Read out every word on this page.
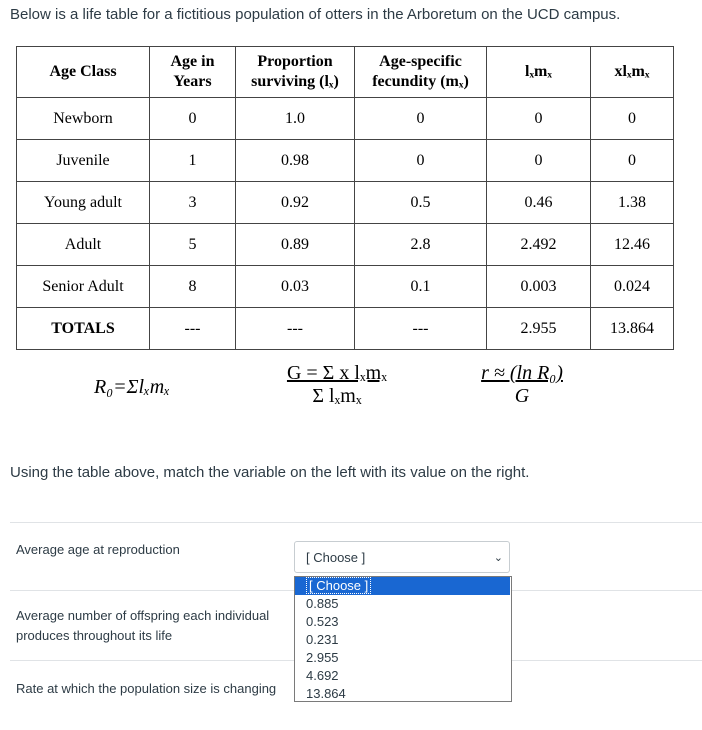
Below is a life table for a fictitious population of otters in the Arboretum on the UCD campus.
Age Class	Age in Years	Proportion surviving (lₓ)	Age-specific fecundity (mₓ)	lₓmₓ	xlₓmₓ
Newborn	0	1.0	0	0	0
Juvenile	1	0.98	0	0	0
Young adult	3	0.92	0.5	0.46	1.38
Adult	5	0.89	2.8	2.492	12.46
Senior Adult	8	0.03	0.1	0.003	0.024
TOTALS	---	---	---	2.955	13.864
R₀=Σlₓmₓ
G = Σ x lₓmₓ
Σ lₓmₓ	$\frac{\text{r ≈ (ln R₀)}}{G}$
Using the table above, match the variable on the left with its value on the right.
Average age at reproduction
Average number of offspring each individual produces throughout its life
Rate at which the population size is changing
[ Choose ]	⌄
[ Choose ]
0.885
0.523
0.231
2.955
4.692
13.864
